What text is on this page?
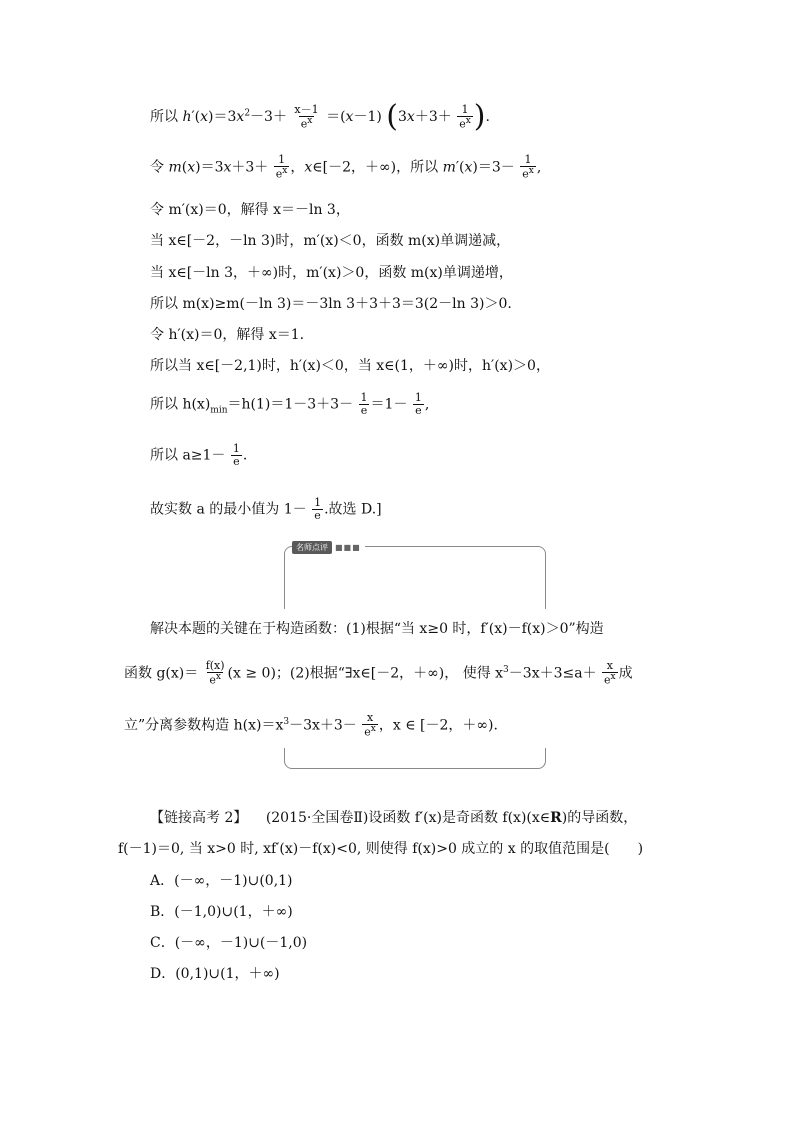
所以 $h'(x)=3x^2-3+ \frac{x-1}{e^x} =(x-1)$ ($3x+3+ \frac{1}{e^x}$ ).
令 $m(x)=3x+3+ \frac{1}{e^x}$ ，x∈[－2，＋∞)，所以 $m'(x)=3- \frac{1}{e^x}$ ,
令 m′(x)＝0，解得 x＝－ln 3，
当 x∈[－2，－ln 3)时，m′(x)＜0，函数 m(x)单调递减，
当 x∈[－ln 3，＋∞)时，m′(x)＞0，函数 m(x)单调递增，
所以 m(x)≥m(－ln 3)＝－3ln 3＋3＋3＝3(2－ln 3)＞0.
令 h′(x)＝0，解得 x＝1.
所以当 x∈[－2,1)时，h′(x)＜0，当 x∈(1，＋∞)时，h′(x)＞0，
所以 $h(x)_{min}=h(1)=1-3+3- \frac{1}{e} =1- \frac{1}{e}$ ,
所以 $a\ge 1- \frac{1}{e}$ .
故实数 a 的最小值为 $1- \frac{1}{e}$ .故选 D.]
名师点评 ■■■
解决本题的关键在于构造函数：(1)根据“当 x≥0 时，f′(x)－f(x)＞0”构造
函数 $g(x)= \frac{f(x)}{e^x} (x \ge 0)$；(2)根据“∃x∈[－2，＋∞)， 使得 $x^3-3x+3\le a+ \frac{x}{e^x}$ 成
立”分离参数构造 $h(x)=x^3-3x+3- \frac{x}{e^x}$ ，x ∈ [－2，＋∞).
【链接高考 2】 (2015·全国卷Ⅱ)设函数 f′(x)是奇函数 f(x)(x∈R)的导函数，
f(－1)＝0, 当 x>0 时, xf′(x)－f(x)<0, 则使得 f(x)>0 成立的 x 的取值范围是(　　)
A．(－∞，－1)∪(0,1)
B．(－1,0)∪(1，＋∞)
C．(－∞，－1)∪(－1,0)
D．(0,1)∪(1，＋∞)
